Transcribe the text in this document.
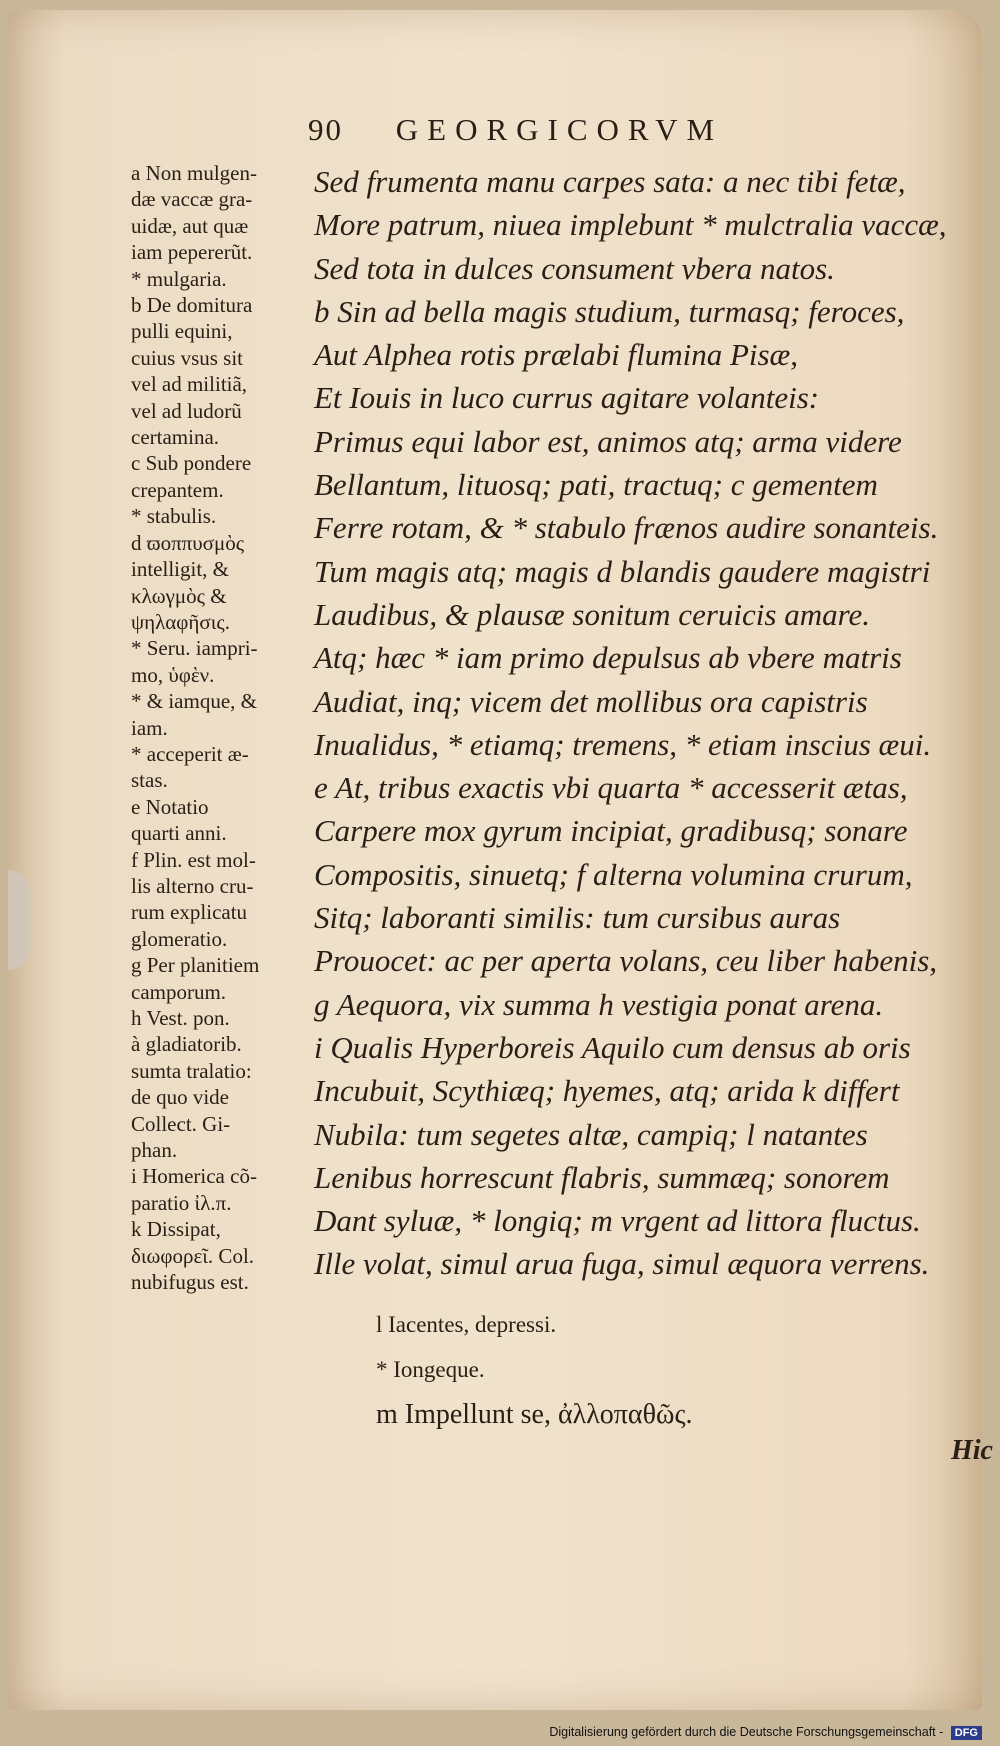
90 GEORGICORVM

a Non mulgen-

dæ vaccæ gra-

uidæ, aut quæ

iam pepererũt.

* mulgaria.

b De domitura

pulli equini,

cuius vsus sit

vel ad militiã,

vel ad ludorũ

certamina.

c Sub pondere

crepantem.

* stabulis.

d ϖοππυσμὸς

intelligit, &

κλωγμὸς &

ψηλαφῆσις.

* Seru. iampri-

mo, ὑφὲν.

* & iamque, &

iam.

* acceperit æ-

stas.

e Notatio

quarti anni.

f Plin. est mol-

lis alterno cru-

rum explicatu

glomeratio.

g Per planitiem

camporum.

h Vest. pon.

à gladiatorib.

sumta tralatio:

de quo vide

Collect. Gi-

phan.

i Homerica cõ-

paratio ἰλ.π.

k Dissipat,

διωφορεῖ. Col.

nubifugus est.

Sed frumenta manu carpes sata: a nec tibi fetæ,
More patrum, niuea implebunt * mulctralia vaccæ,
Sed tota in dulces consument vbera natos.
b Sin ad bella magis studium, turmasq; feroces,
Aut Alphea rotis prælabi flumina Pisæ,
Et Iouis in luco currus agitare volanteis:
Primus equi labor est, animos atq; arma videre
Bellantum, lituosq; pati, tractuq; c gementem
Ferre rotam, & * stabulo frænos audire sonanteis.
Tum magis atq; magis d blandis gaudere magistri
Laudibus, & plausæ sonitum ceruicis amare.
Atq; hæc * iam primo depulsus ab vbere matris
Audiat, inq; vicem det mollibus ora capistris
Inualidus, * etiamq; tremens, * etiam inscius æui.
e At, tribus exactis vbi quarta * accesserit ætas,
Carpere mox gyrum incipiat, gradibusq; sonare
Compositis, sinuetq; f alterna volumina crurum,
Sitq; laboranti similis: tum cursibus auras
Prouocet: ac per aperta volans, ceu liber habenis,
g Aequora, vix summa h vestigia ponat arena.
i Qualis Hyperboreis Aquilo cum densus ab oris
Incubuit, Scythiæq; hyemes, atq; arida k differt
Nubila: tum segetes altæ, campiq; l natantes
Lenibus horrescunt flabris, summæq; sonorem
Dant syluæ, * longiq; m vrgent ad littora fluctus.
Ille volat, simul arua fuga, simul æquora verrens.
l Iacentes, depressi.
* Iongeque.
m Impellunt se, ἀλλοπαθῶς.
Hic
Digitalisierung gefördert durch die Deutsche Forschungsgemeinschaft - DFG
